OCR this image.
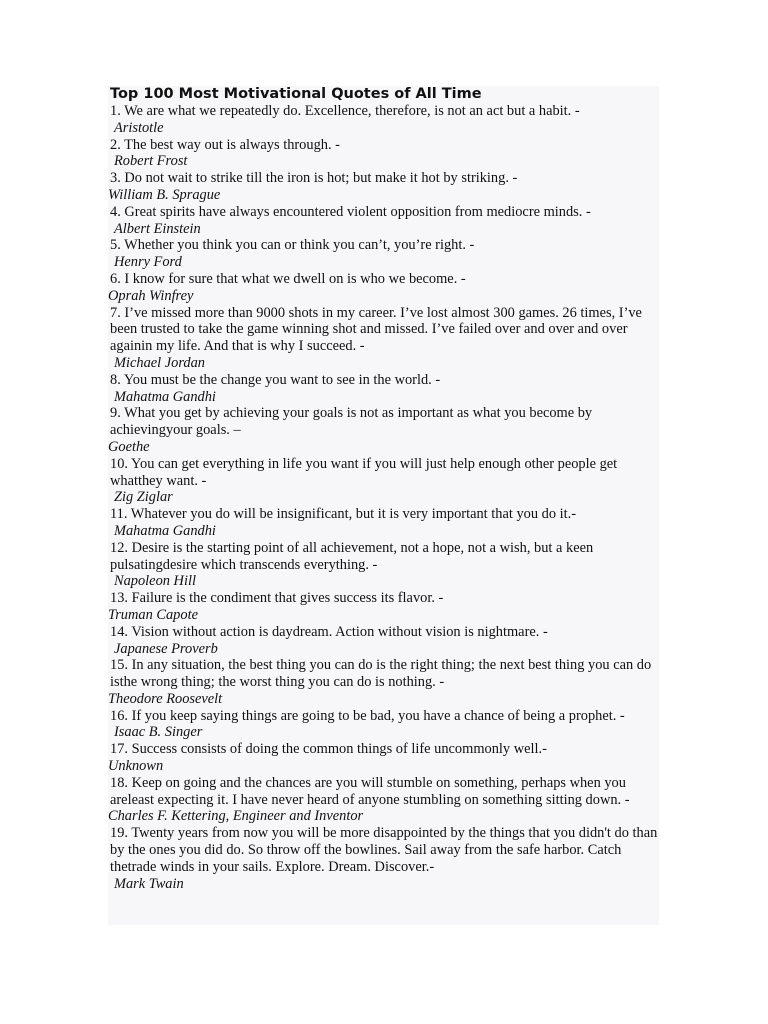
Top 100 Most Motivational Quotes of All Time
1. We are what we repeatedly do. Excellence, therefore, is not an act but a habit. -
Aristotle
2. The best way out is always through. -
Robert Frost
3. Do not wait to strike till the iron is hot; but make it hot by striking. -
William B. Sprague
4. Great spirits have always encountered violent opposition from mediocre minds. -
Albert Einstein
5. Whether you think you can or think you can’t, you’re right. -
Henry Ford
6. I know for sure that what we dwell on is who we become. -
Oprah Winfrey
7. I’ve missed more than 9000 shots in my career. I’ve lost almost 300 games. 26 times, I’ve been trusted to take the game winning shot and missed. I’ve failed over and over and over againin my life. And that is why I succeed. -
Michael Jordan
8. You must be the change you want to see in the world. -
Mahatma Gandhi
9. What you get by achieving your goals is not as important as what you become by achievingyour goals. –
Goethe
10. You can get everything in life you want if you will just help enough other people get whatthey want. -
Zig Ziglar
11. Whatever you do will be insignificant, but it is very important that you do it.-
Mahatma Gandhi
12. Desire is the starting point of all achievement, not a hope, not a wish, but a keen pulsatingdesire which transcends everything. -
Napoleon Hill
13. Failure is the condiment that gives success its flavor. -
Truman Capote
14. Vision without action is daydream. Action without vision is nightmare. -
Japanese Proverb
15. In any situation, the best thing you can do is the right thing; the next best thing you can do isthe wrong thing; the worst thing you can do is nothing. -
Theodore Roosevelt
16. If you keep saying things are going to be bad, you have a chance of being a prophet. -
Isaac B. Singer
17. Success consists of doing the common things of life uncommonly well.-
Unknown
18. Keep on going and the chances are you will stumble on something, perhaps when you areleast expecting it. I have never heard of anyone stumbling on something sitting down. -
Charles F. Kettering, Engineer and Inventor
19. Twenty years from now you will be more disappointed by the things that you didn't do than by the ones you did do. So throw off the bowlines. Sail away from the safe harbor. Catch thetrade winds in your sails. Explore. Dream. Discover.-
Mark Twain
